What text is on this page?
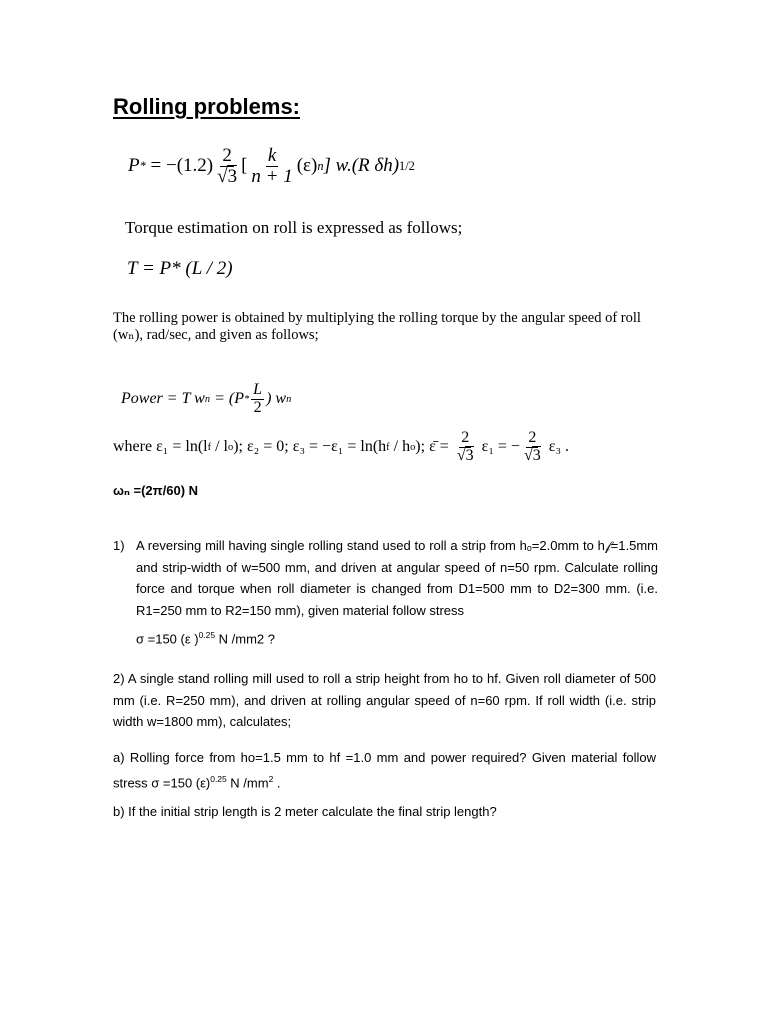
Rolling problems:
P * = $-(1.2) \frac{2}{√3}$ [ $\frac{k}{n + 1} (\varepsilon)$ n ] w.(R δh) 1/2
Torque estimation on roll is expressed as follows;
T = P* (L / 2)
The rolling power is obtained by multiplying the rolling torque by the angular speed of roll (wₙ), rad/sec, and given as follows;
Power = T w $n = (P * \frac{L}{2}$ ) w n
where ε₁ = ln(l f / l o ); ε₂ = 0; ε₃ = −ε₁ = ln(h f / h o ); ε̄ = $\frac{2}{√3} \varepsilon_1$ = − $\frac{2}{√3} \varepsilon_3$ .
ωₙ =(2π/60) N
1) A reversing mill having single rolling stand used to roll a strip from hₒ=2.0mm to h𝒻=1.5mm and strip-width of w=500 mm, and driven at angular speed of n=50 rpm. Calculate rolling force and torque when roll diameter is changed from D1=500 mm to D2=300 mm. (i.e. R1=250 mm to R2=150 mm), given material follow stress
σ =150 (ε )$^{0.25}$ N /mm2 ?
2) A single stand rolling mill used to roll a strip height from ho to hf. Given roll diameter of 500 mm (i.e. R=250 mm), and driven at rolling angular speed of n=60 rpm. If roll width (i.e. strip width w=1800 mm), calculates;
a) Rolling force from ho=1.5 mm to hf =1.0 mm and power required? Given material follow stress σ =150 $(\varepsilon)^{0.25}$ N $/mm^2$ .
b) If the initial strip length is 2 meter calculate the final strip length?
